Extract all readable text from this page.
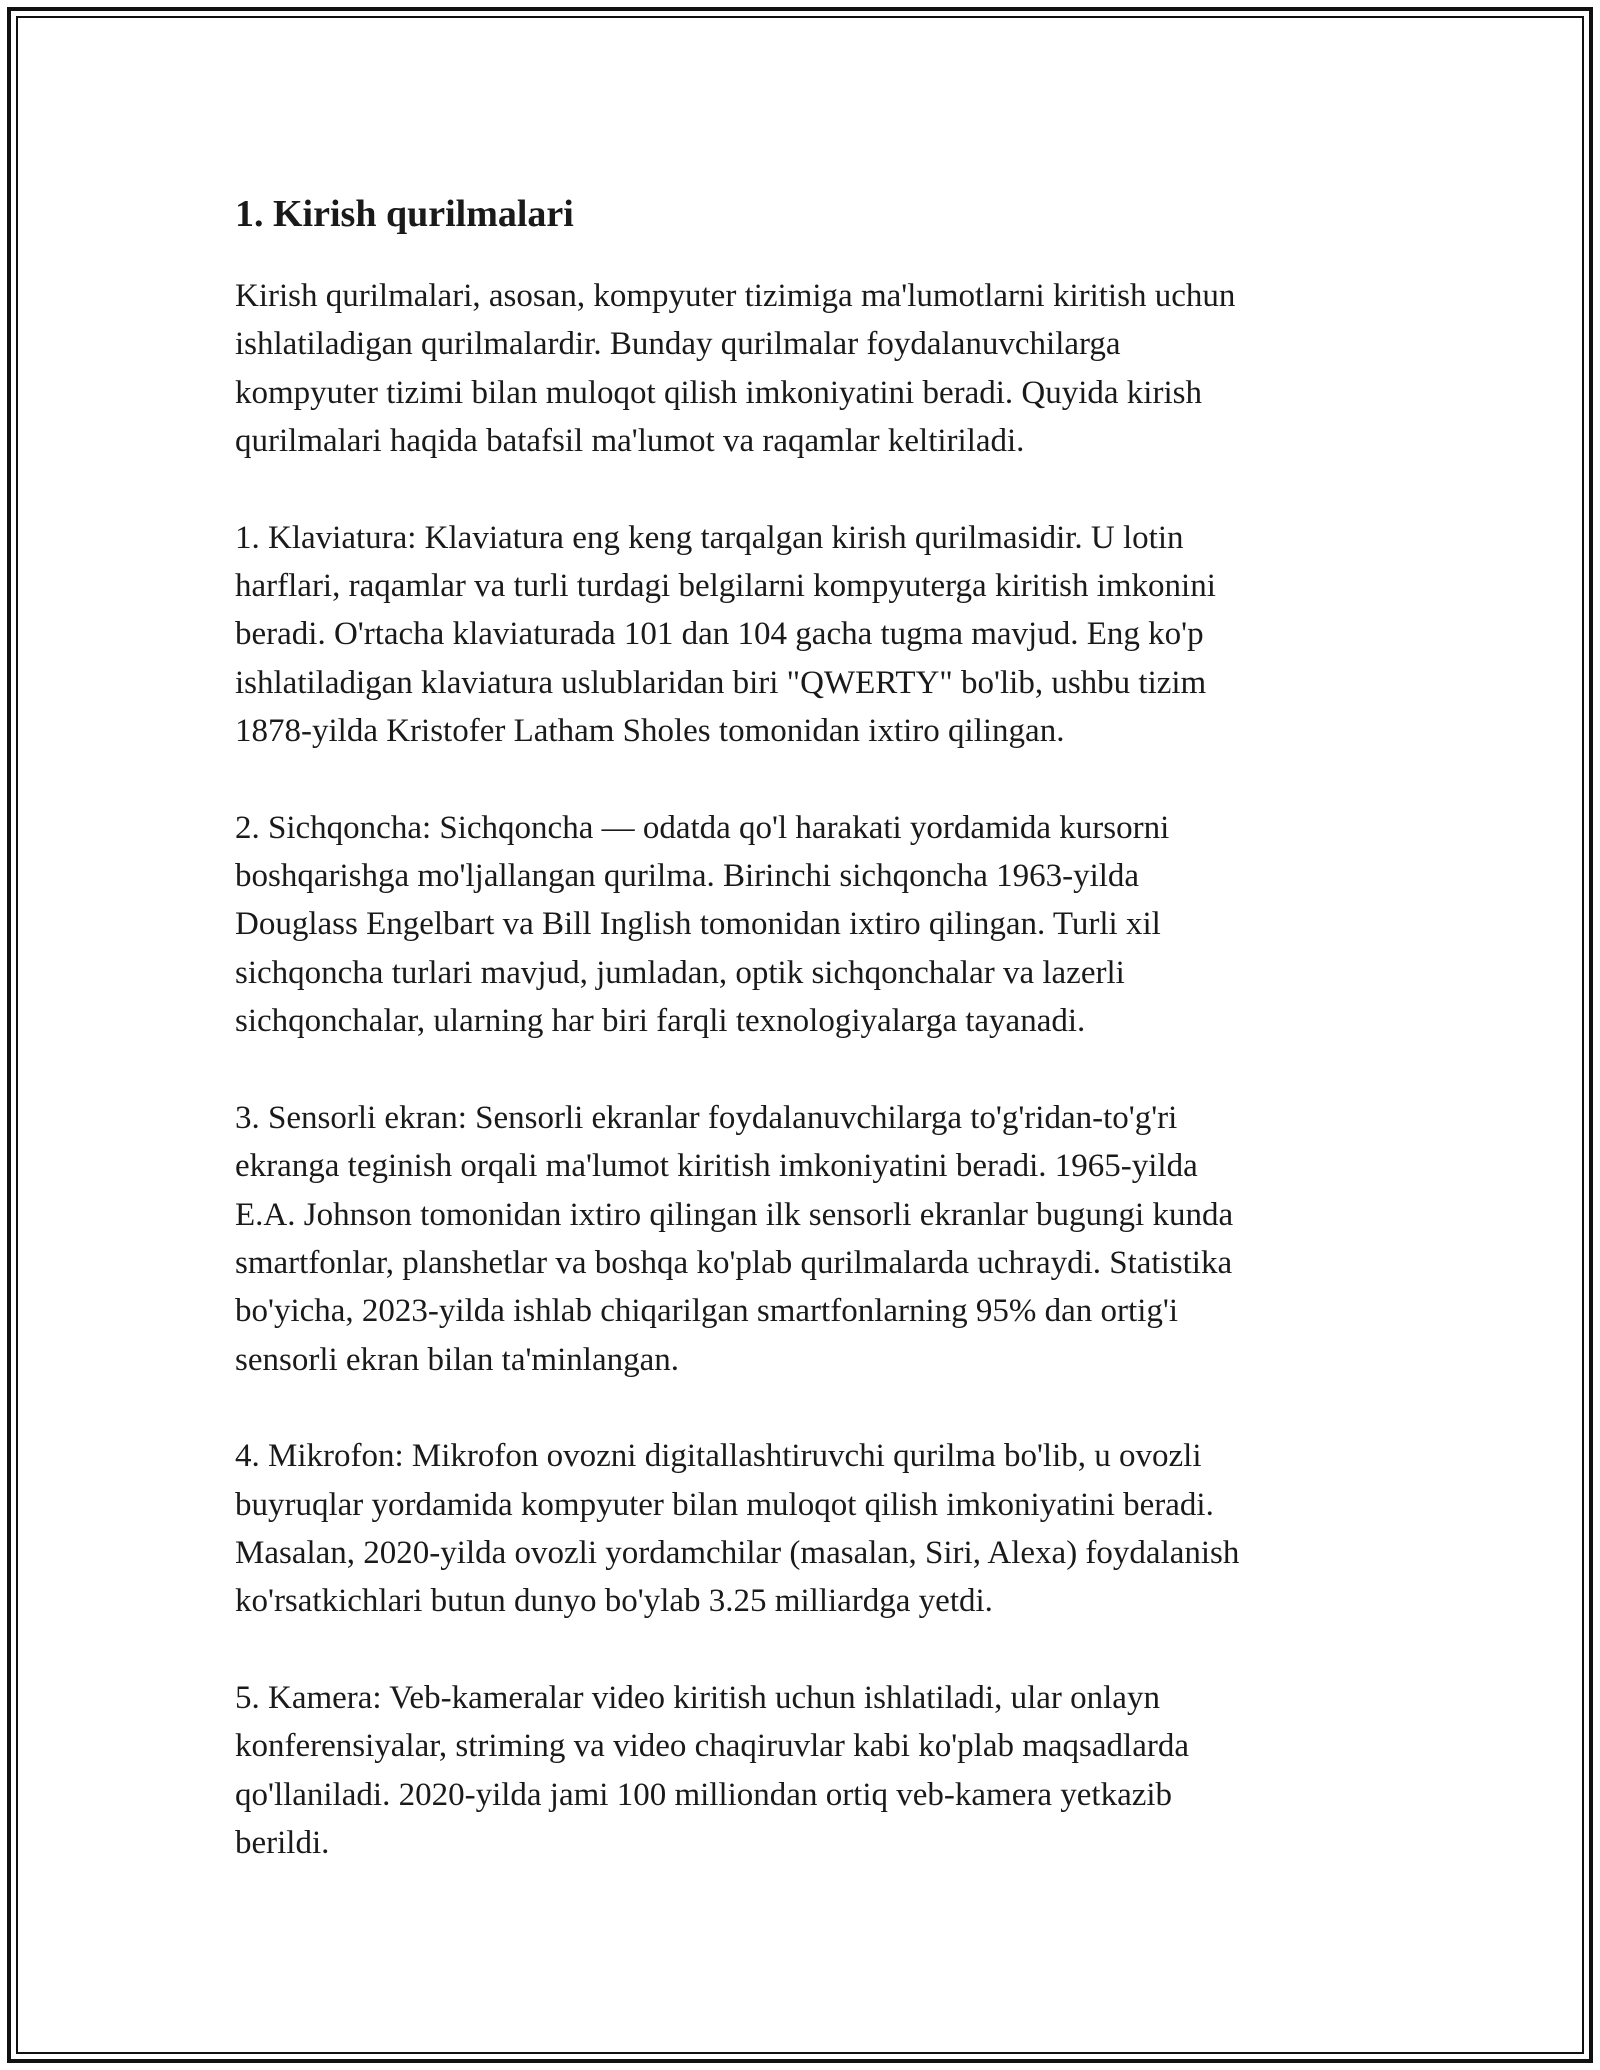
1. Kirish qurilmalari

Kirish qurilmalari, asosan, kompyuter tizimiga ma'lumotlarni kiritish uchun
ishlatiladigan qurilmalardir. Bunday qurilmalar foydalanuvchilarga
kompyuter tizimi bilan muloqot qilish imkoniyatini beradi. Quyida kirish
qurilmalari haqida batafsil ma'lumot va raqamlar keltiriladi.

1. Klaviatura: Klaviatura eng keng tarqalgan kirish qurilmasidir. U lotin
harflari, raqamlar va turli turdagi belgilarni kompyuterga kiritish imkonini
beradi. O'rtacha klaviaturada 101 dan 104 gacha tugma mavjud. Eng ko'p
ishlatiladigan klaviatura uslublaridan biri "QWERTY" bo'lib, ushbu tizim
1878-yilda Kristofer Latham Sholes tomonidan ixtiro qilingan.

2. Sichqoncha: Sichqoncha — odatda qo'l harakati yordamida kursorni
boshqarishga mo'ljallangan qurilma. Birinchi sichqoncha 1963-yilda
Douglass Engelbart va Bill Inglish tomonidan ixtiro qilingan. Turli xil
sichqoncha turlari mavjud, jumladan, optik sichqonchalar va lazerli
sichqonchalar, ularning har biri farqli texnologiyalarga tayanadi.

3. Sensorli ekran: Sensorli ekranlar foydalanuvchilarga to'g'ridan-to'g'ri
ekranga teginish orqali ma'lumot kiritish imkoniyatini beradi. 1965-yilda
E.A. Johnson tomonidan ixtiro qilingan ilk sensorli ekranlar bugungi kunda
smartfonlar, planshetlar va boshqa ko'plab qurilmalarda uchraydi. Statistika
bo'yicha, 2023-yilda ishlab chiqarilgan smartfonlarning 95% dan ortig'i
sensorli ekran bilan ta'minlangan.

4. Mikrofon: Mikrofon ovozni digitallashtiruvchi qurilma bo'lib, u ovozli
buyruqlar yordamida kompyuter bilan muloqot qilish imkoniyatini beradi.
Masalan, 2020-yilda ovozli yordamchilar (masalan, Siri, Alexa) foydalanish
ko'rsatkichlari butun dunyo bo'ylab 3.25 milliardga yetdi.

5. Kamera: Veb-kameralar video kiritish uchun ishlatiladi, ular onlayn
konferensiyalar, striming va video chaqiruvlar kabi ko'plab maqsadlarda
qo'llaniladi. 2020-yilda jami 100 milliondan ortiq veb-kamera yetkazib
berildi.
